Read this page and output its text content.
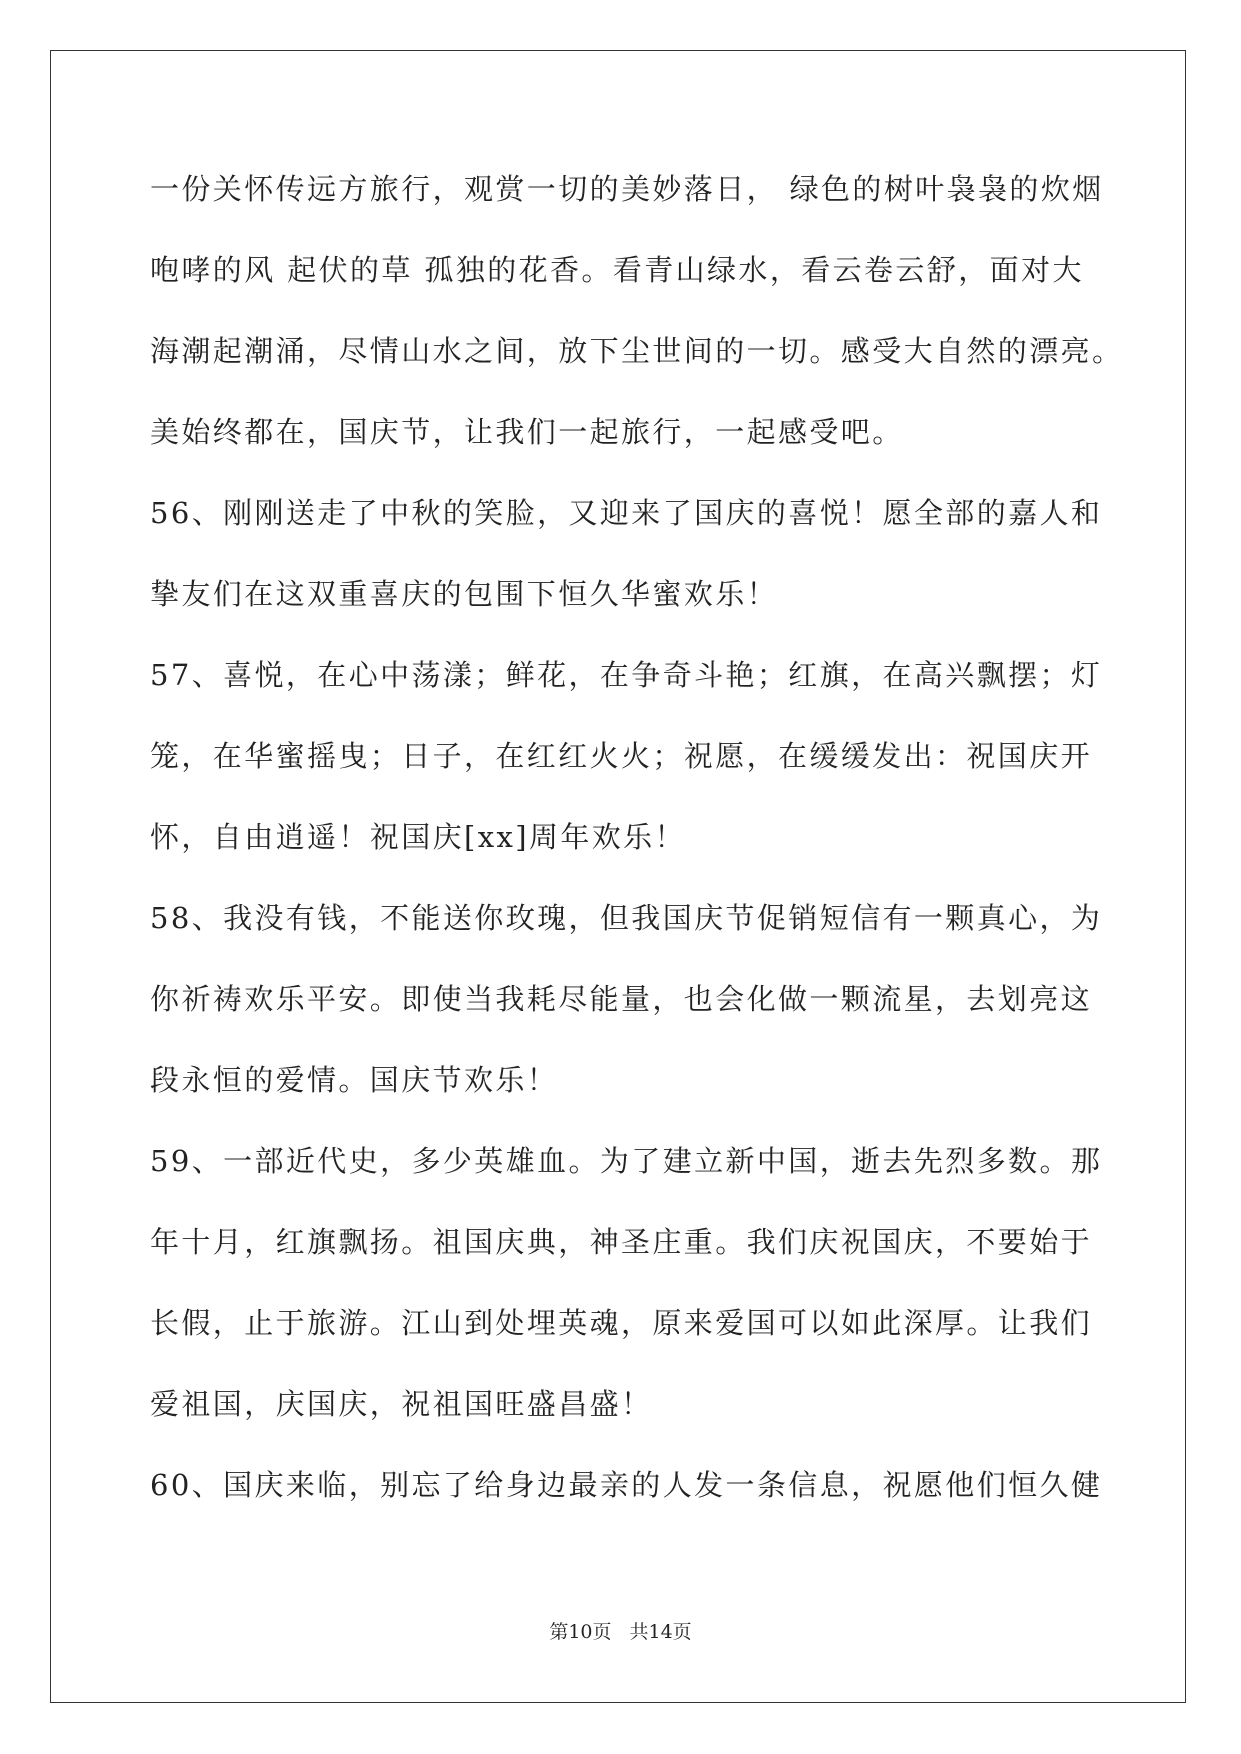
一份关怀传远方旅行，观赏一切的美妙落日， 绿色的树叶袅袅的炊烟
咆哮的风 起伏的草 孤独的花香。看青山绿水，看云卷云舒，面对大
海潮起潮涌，尽情山水之间，放下尘世间的一切。感受大自然的漂亮。
美始终都在，国庆节，让我们一起旅行，一起感受吧。
56、刚刚送走了中秋的笑脸，又迎来了国庆的喜悦！愿全部的嘉人和
挚友们在这双重喜庆的包围下恒久华蜜欢乐！
57、喜悦，在心中荡漾；鲜花，在争奇斗艳；红旗，在高兴飘摆；灯
笼，在华蜜摇曳；日子，在红红火火；祝愿，在缓缓发出：祝国庆开
怀，自由逍遥！祝国庆[xx]周年欢乐！
58、我没有钱，不能送你玫瑰，但我国庆节促销短信有一颗真心，为
你祈祷欢乐平安。即使当我耗尽能量，也会化做一颗流星，去划亮这
段永恒的爱情。国庆节欢乐！
59、一部近代史，多少英雄血。为了建立新中国，逝去先烈多数。那
年十月，红旗飘扬。祖国庆典，神圣庄重。我们庆祝国庆，不要始于
长假，止于旅游。江山到处埋英魂，原来爱国可以如此深厚。让我们
爱祖国，庆国庆，祝祖国旺盛昌盛！
60、国庆来临，别忘了给身边最亲的人发一条信息，祝愿他们恒久健
第10页 共14页
